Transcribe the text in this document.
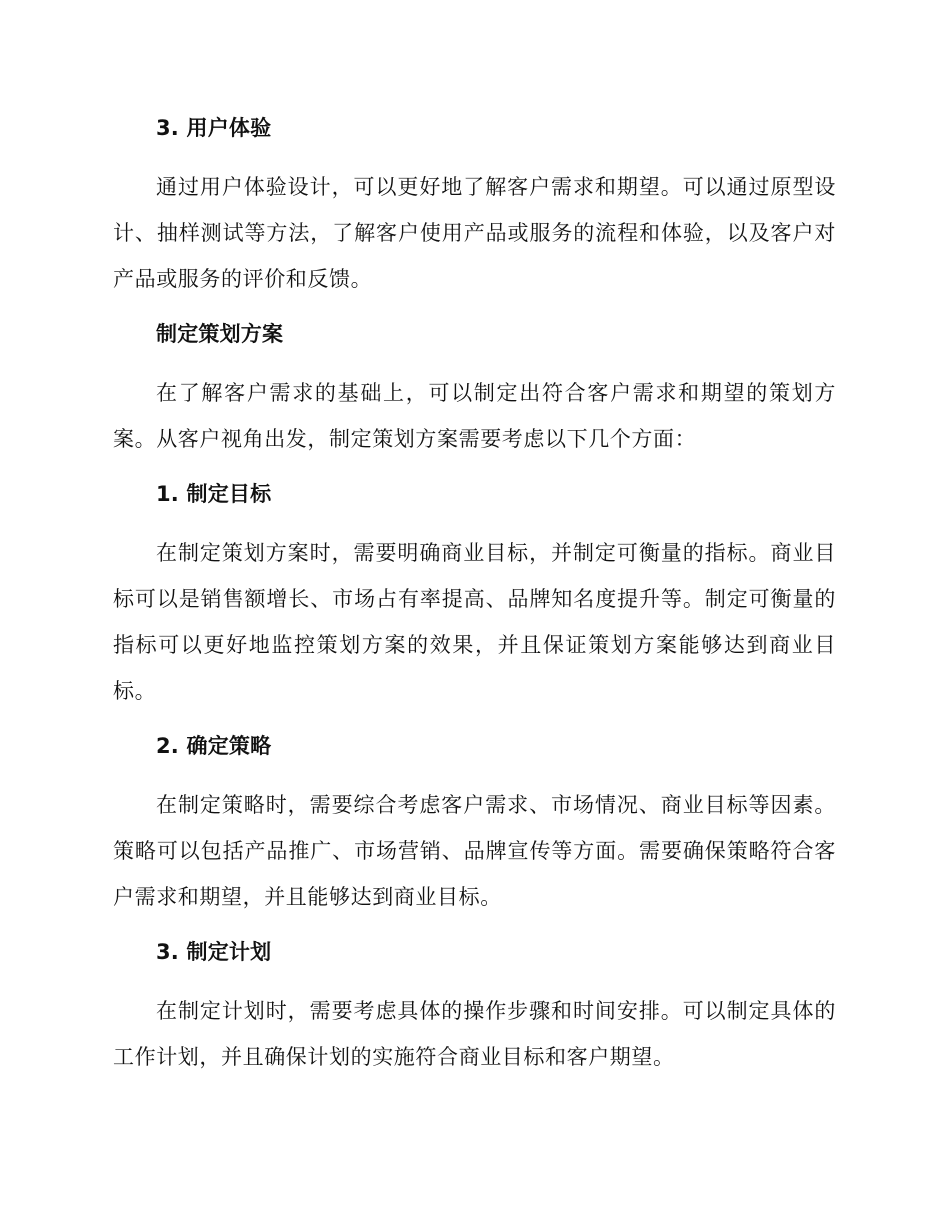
3. 用户体验

通过用户体验设计，可以更好地了解客户需求和期望。可以通过原型设计、抽样测试等方法，了解客户使用产品或服务的流程和体验，以及客户对产品或服务的评价和反馈。

制定策划方案

在了解客户需求的基础上，可以制定出符合客户需求和期望的策划方案。从客户视角出发，制定策划方案需要考虑以下几个方面：

1. 制定目标

在制定策划方案时，需要明确商业目标，并制定可衡量的指标。商业目标可以是销售额增长、市场占有率提高、品牌知名度提升等。制定可衡量的指标可以更好地监控策划方案的效果，并且保证策划方案能够达到商业目标。

2. 确定策略

在制定策略时，需要综合考虑客户需求、市场情况、商业目标等因素。策略可以包括产品推广、市场营销、品牌宣传等方面。需要确保策略符合客户需求和期望，并且能够达到商业目标。

3. 制定计划

在制定计划时，需要考虑具体的操作步骤和时间安排。可以制定具体的工作计划，并且确保计划的实施符合商业目标和客户期望。
